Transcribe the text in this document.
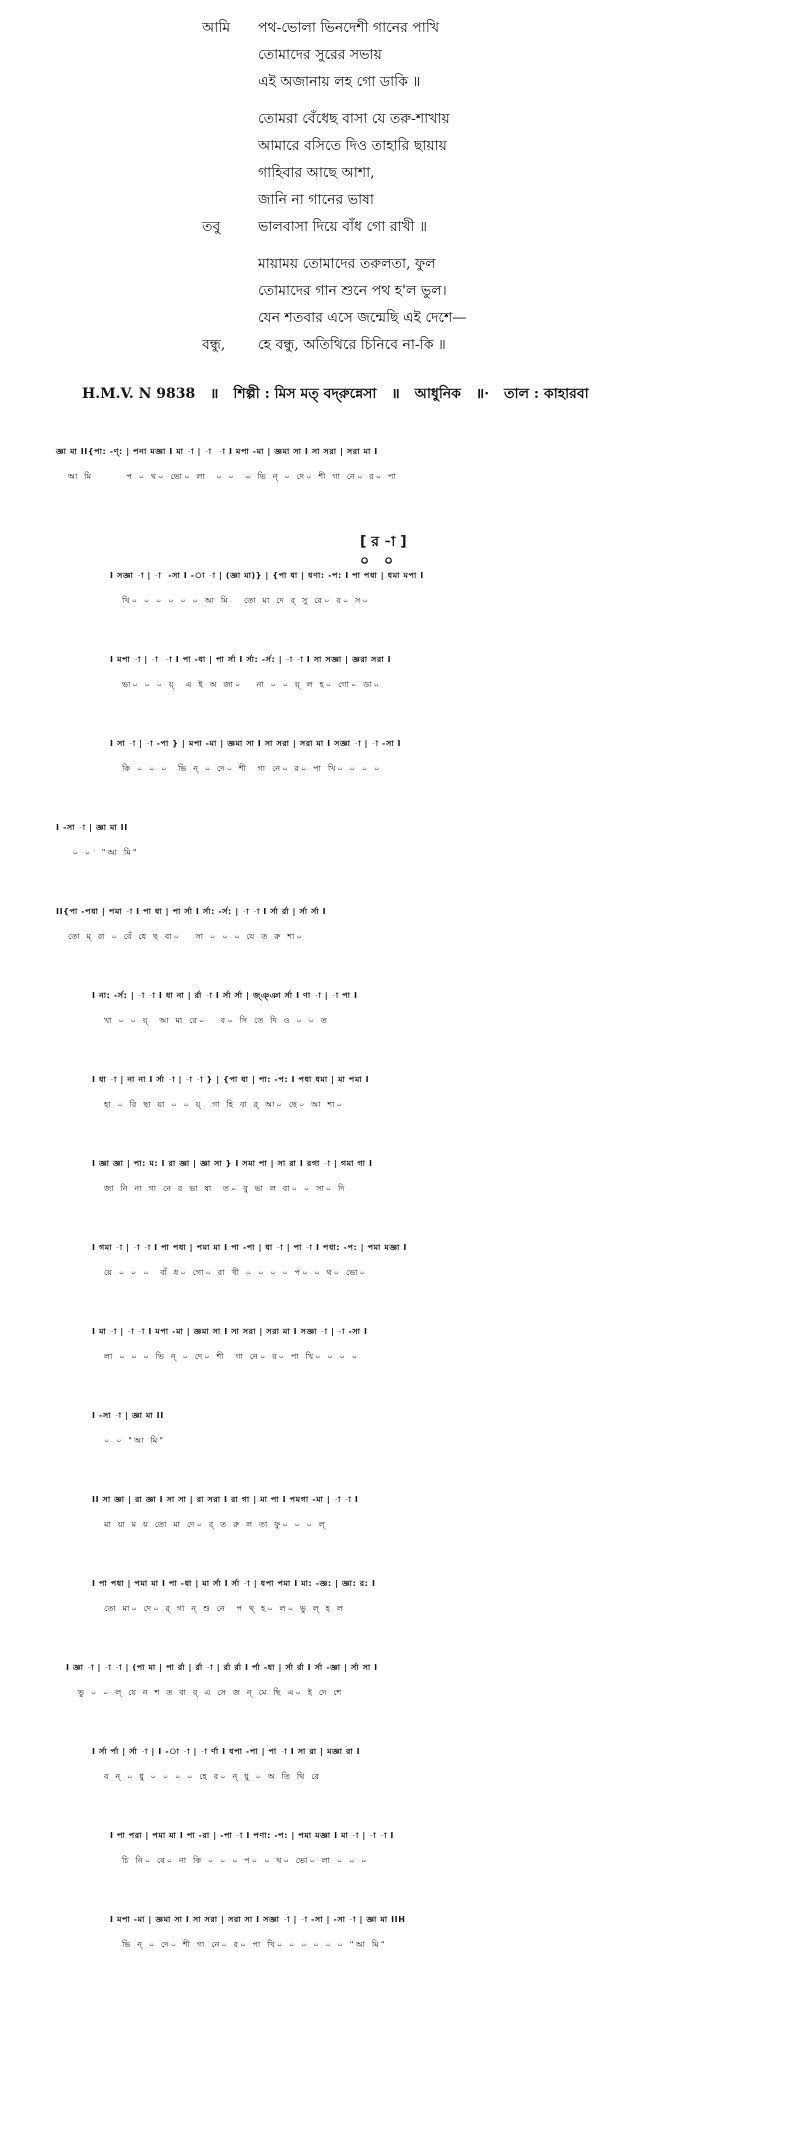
আমি পথ-ভোলা ভিনদেশী গানের পাখি
তোমাদের সুরের সভায়
এই অজানায় লহ গো ডাকি ॥
তোমরা বেঁধেছ বাসা যে তরু-শাখায়
আমারে বসিতে দিও তাহারি ছায়ায়
গাহিবার আছে আশা,
জানি না গানের ভাষা
তবু	ভালবাসা দিয়ে বাঁধ গো রাখী ॥
মায়াময় তোমাদের তরুলতা, ফুল
তোমাদের গান শুনে পথ হ'ল ভুল।
যেন শতবার এসে জন্মেছি এই দেশে—
বন্ধু, হে বন্ধু, অতিথিরে চিনিবে না-কি ॥
H.M.V. N 9838 ॥ শিল্পী : মিস মত্ বদ্‌রুন্নেসা ॥ আধুনিক ॥· তাল : কাহারবা
জ্ঞা মা II{পা: -ণ্: | পনা মজ্ঞা I মা -া | -া  -া I মপা -মা | জ্ঞমা সা I সা সরা | সরা মা I
আ মি       প ০ থ০ ভো০ লা  ০ ০  ০ ভি ন্ ০ দে০ শী গা নে০ র০ পা
[ র -া ]
০ ০
I সজ্ঞা -া | -া  -সা I -া -া | (জ্ঞা মা)} | {পা ধা | ধণা: -প: I পা পধা | ধমা মপা I
খি০ ০ ০ ০ ০ ০ আ মি   তো মা দে র্ সু রে০ র০ স০
I মপা -া | -া  -া I পা -ধা | পা র্সা I র্সা: -র্স: | -া -া I সা সজ্ঞা | জ্ঞরা সরা I
ভা০ ০ ০ য়্  এ ই অ জা০   না ০ ০ য়্ ল হ০ গো০ ডা০
I সা -া | -া -পা } | মপা -মা | জ্ঞমা সা I সা সরা | সরা মা I সজ্ঞা -া | -া -সা I
কি ০ ০ ০  ভি ন্ ০ দে০ শী  গা নে০ র০ পা খি০ ০ ০ ০
I -সা -া | জ্ঞা মা II
০ ০  "আ মি"
II{পা -পধা | পমা -া I পা ধা | পা র্সা I র্সা: -র্স: | -া -া I র্সা র্রা | র্সা র্সা I
তো ম্ রা ০ বেঁ ধে ছ বা০   সা ০ ০ ০ যে ত রু শা০
I না: -র্স: | -া -া I ধা না | র্রা -া I র্সা র্সা | জ্ঞ্ঞা র্সা I ণা -া | -া পা I
খা ০ ০ য়্  আ মা রে০   ব০ সি তে দি ও ০ ০ ত
I ধা -া | না না I র্সা -া | -া -া } | {পা ধা | পা: -প: I পধা ধমা | মা পমা I
হা ০ রি ছা য়া ০ ০ য়্  গা হি বা র্ আ০ ছে০ আ শা০
I জ্ঞা জ্ঞা | পা: ম: I রা জ্ঞা | জ্ঞা সা } I সমা পা | সা রা I রগা -া | গমা গা I
জা নি না গা নে র ভা ষা  ত০ বু ভা ল বা০ ০ সা০ দি
I গমা -া | -া -া I পা পধা | পমা মা I পা -পা | ধা -া | পা -া I পধা: -প: | পমা মজ্ঞা I
য়ে ০ ০ ০  বাঁ ধ০ গো০ রা খী ০ ০ ০ ০ প০ ০ থ০ ভো০
I মা -া | -া -া I মপা -মা | জ্ঞমা সা I সা সরা | সরা মা I সজ্ঞা -া | -া -সা I
লা ০ ০ ০ ভি ন্ ০ দে০ শী  গা নে০ র০ পা খি০ ০ ০ ০
I -সা -া | জ্ঞা মা II
০ ০ "আ মি"
II সা জ্ঞা | রা জ্ঞা I সা সা | রা সরা I রা গা | মা পা I পমগা -মা | -া -া I
মা য়া ম য় তো মা দে০ র্ ত রু ল তা ফু০ ০ ০ ল্
I পা পধা | পমা মা I পা -ধা | মা র্সা I র্সা -া | ধপা পমা I মা: -জ্ঞ: | জ্ঞা: র: I
তো মা০ দে০ র্ গা ন্ শু নে  প থ্ হ০ ল০ ভু ল্ হ ল
I জ্ঞা -া | -া -া | (পা মা | পা র্রা | র্রা -া | র্রা র্রা I র্পা -ধা | র্সা র্রা I র্সা -জ্ঞা | র্সা সা I
ভু ০ ০ ল্ যে ন শ ত বা র্ এ সে জ ন্ মে ছি এ০ ই দে শে
I র্সা র্পা | র্সা -া | I -া -া | -া র্ণা I ধপা -পা | পা -া I সা রা | মজ্ঞা রা I
ব ন্ ০ ধু ০ ০ ০ ০ হে ব০ ন্ ধু ০ অ তি থি রে
I পা পরা | পমা মা I পা -রা | -পা -া I পণা: -প: | পমা মজ্ঞা I মা -া | -া -া I
চি নি০ বে০ না কি ০ ০ ০ প০ ০ থ০ ভো০ লা ০ ০ ০
I মপা -মা | জ্ঞমা সা I সা সরা | সরা সা I সজ্ঞা -া | -া -সা | -সা -া | জ্ঞা মা IIH
ভি ন্ ০ দে০ শী গা নে০ র০ পা খি০ ০ ০ ০ ০ ০ "আ মি"
